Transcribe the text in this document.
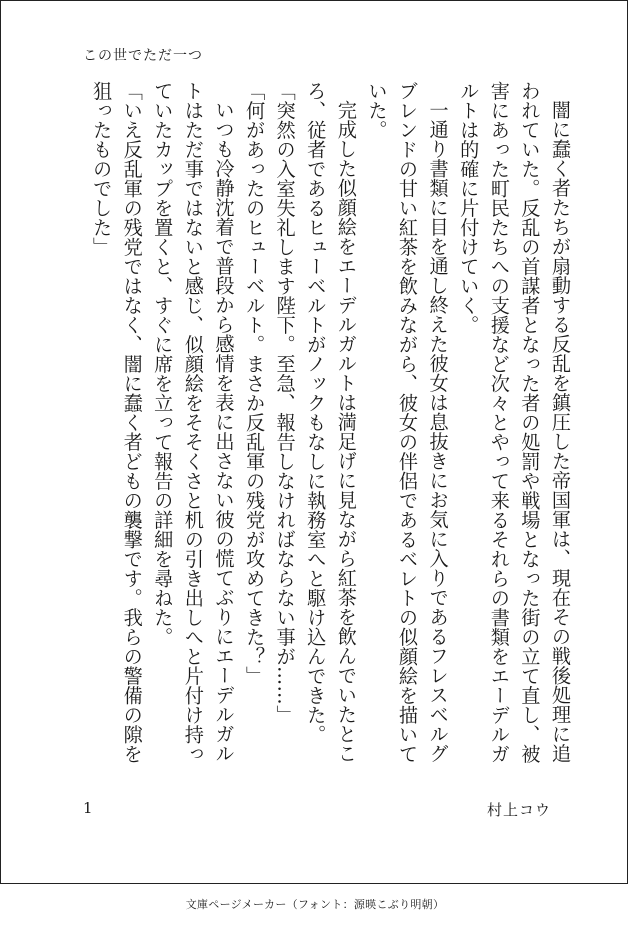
この世でただ一つ

闇に蠢く者たちが扇動する反乱を鎮圧した帝国軍は、現在その戦後処理に追われていた。反乱の首謀者となった者の処罰や戦場となった街の立て直し、被害にあった町民たちへの支援など次々とやって来るそれらの書類をエーデルガルトは的確に片付けていく。

一通り書類に目を通し終えた彼女は息抜きにお気に入りであるフレスベルグブレンドの甘い紅茶を飲みながら、彼女の伴侶であるベレトの似顔絵を描いていた。

完成した似顔絵をエーデルガルトは満足げに見ながら紅茶を飲んでいたところ、従者であるヒューベルトがノックもなしに執務室へと駆け込んできた。

「突然の入室失礼します陛下。至急、報告しなければならない事が……」

「何があったのヒューベルト。まさか反乱軍の残党が攻めてきた？」

いつも冷静沈着で普段から感情を表に出さない彼の慌てぶりにエーデルガルトはただ事ではないと感じ、似顔絵をそそくさと机の引き出しへと片付け持っていたカップを置くと、すぐに席を立って報告の詳細を尋ねた。

「いえ反乱軍の残党ではなく、闇に蠢く者どもの襲撃です。我らの警備の隙を狙ったものでした」

1	村上コウ
文庫ページメーカー（フォント：源暎こぶり明朝）
